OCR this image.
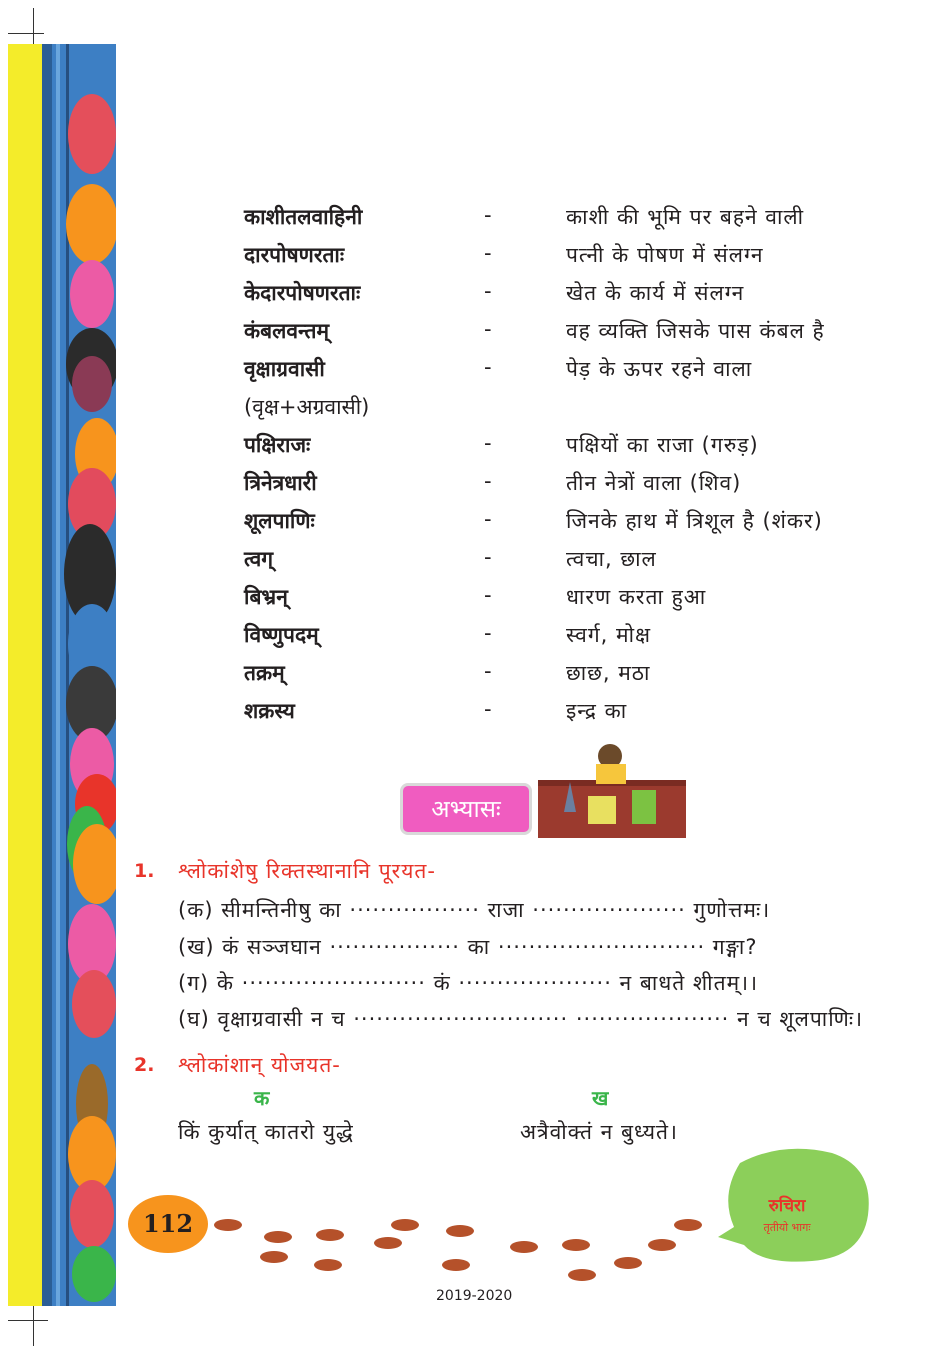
काशीतलवाहिनी	-	काशी की भूमि पर बहने वाली
दारपोषणरताः	-	पत्नी के पोषण में संलग्न
केदारपोषणरताः	-	खेत के कार्य में संलग्न
कंबलवन्तम्	-	वह व्यक्ति जिसके पास कंबल है
वृक्षाग्रवासी	-	पेड़ के ऊपर रहने वाला
(वृक्ष+अग्रवासी)
पक्षिराजः	-	पक्षियों का राजा (गरुड़)
त्रिनेत्रधारी	-	तीन नेत्रों वाला (शिव)
शूलपाणिः	-	जिनके हाथ में त्रिशूल है (शंकर)
त्वग्	-	त्वचा, छाल
बिभ्रन्	-	धारण करता हुआ
विष्णुपदम्	-	स्वर्ग, मोक्ष
तक्रम्	-	छाछ, मठा
शक्रस्य	-	इन्द्र का
अभ्यासः
1. श्लोकांशेषु रिक्तस्थानानि पूरयत-
(क) सीमन्तिनीषु का ················· राजा ···················· गुणोत्तमः।
(ख) कं सञ्जघान ················· का ··························· गङ्गा?
(ग) के ························ कं ···················· न बाधते शीतम्।।
(घ) वृक्षाग्रवासी न च ···························· ···················· न च शूलपाणिः।
2. श्लोकांशान् योजयत-
क	ख
किं कुर्यात् कातरो युद्धे	अत्रैवोक्तं न बुध्यते।
112
रुचिरा
तृतीयो भागः
2019-2020
